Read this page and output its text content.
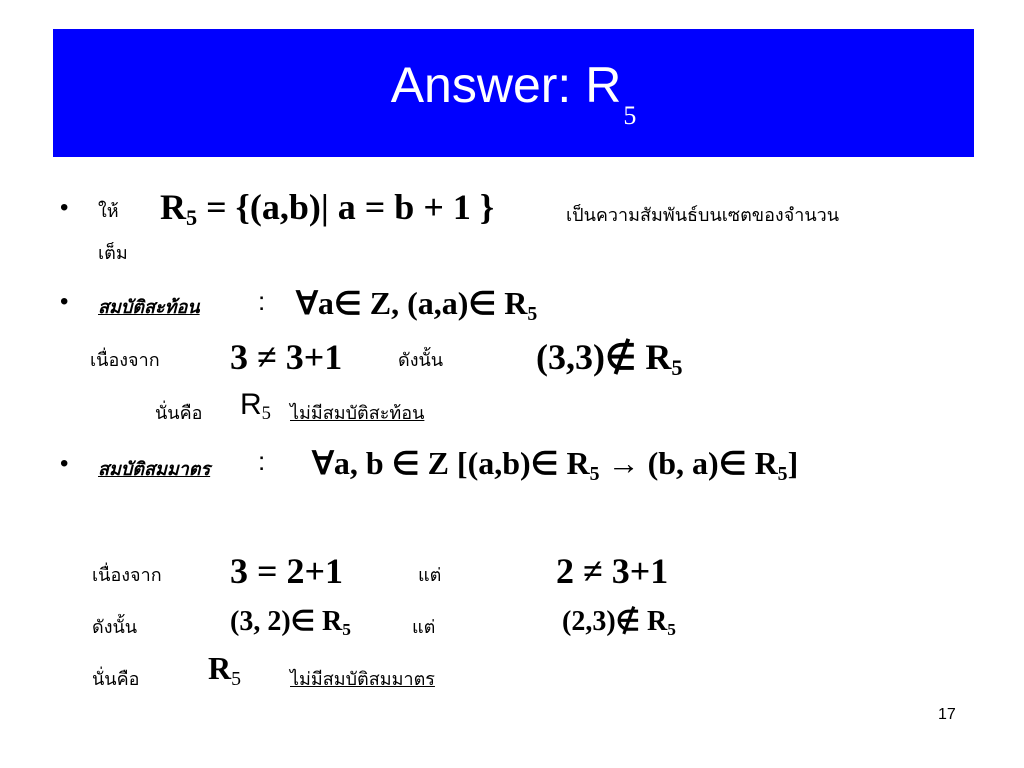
Answer: $R_5$
• ให้ R5 = {(a,b)| a = b + 1 }	เป็นความสัมพันธ์บนเซตของจำนวน
เต็ม
• สมบัติสะท้อน : ∀a∈ Z, (a,a)∈ R5
เนื่องจาก 3 ≠ 3+1	ดังนั้น	(3,3)∉ R5
นั่นคือ R5 ไม่มีสมบัติสะท้อน
• สมบัติสมมาตร : ∀a, b ∈ Z [(a,b)∈ R5 → (b, a)∈ R5]
เนื่องจาก 3 = 2+1	แต่	2 ≠ 3+1
ดังนั้น	(3, 2)∈ R5	แต่	(2,3)∉ R5
นั่นคือ R5	ไม่มีสมบัติสมมาตร
17
